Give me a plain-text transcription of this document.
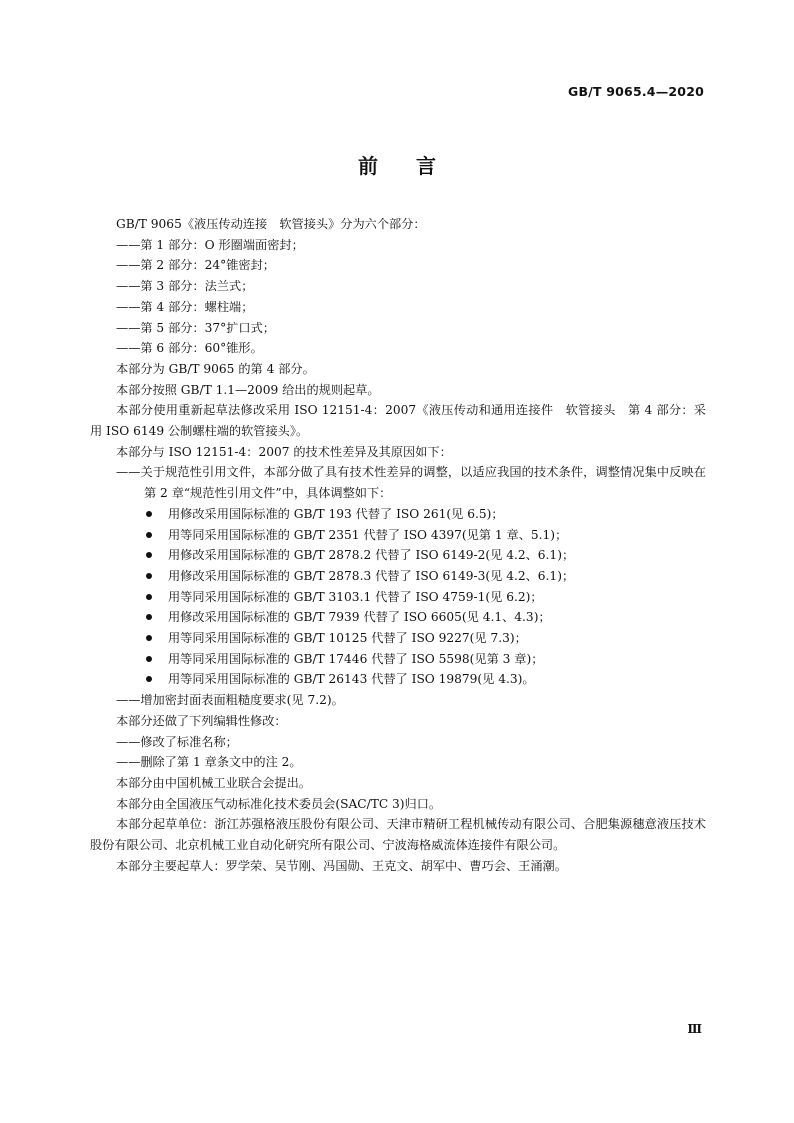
GB/T 9065.4—2020
前 言

GB/T 9065《液压传动连接　软管接头》分为六个部分：

——第 1 部分：O 形圈端面密封；

——第 2 部分：24°锥密封；

——第 3 部分：法兰式；

——第 4 部分：螺柱端；

——第 5 部分：37°扩口式；

——第 6 部分：60°锥形。

本部分为 GB/T 9065 的第 4 部分。

本部分按照 GB/T 1.1—2009 给出的规则起草。

本部分使用重新起草法修改采用 ISO 12151-4：2007《液压传动和通用连接件　软管接头　第 4 部分：采用 ISO 6149 公制螺柱端的软管接头》。

本部分与 ISO 12151-4：2007 的技术性差异及其原因如下：

——关于规范性引用文件，本部分做了具有技术性差异的调整，以适应我国的技术条件，调整情况集中反映在第 2 章“规范性引用文件”中，具体调整如下：

用修改采用国际标准的 GB/T 193 代替了 ISO 261(见 6.5)；

用等同采用国际标准的 GB/T 2351 代替了 ISO 4397(见第 1 章、5.1)；

用修改采用国际标准的 GB/T 2878.2 代替了 ISO 6149-2(见 4.2、6.1)；

用修改采用国际标准的 GB/T 2878.3 代替了 ISO 6149-3(见 4.2、6.1)；

用等同采用国际标准的 GB/T 3103.1 代替了 ISO 4759-1(见 6.2)；

用修改采用国际标准的 GB/T 7939 代替了 ISO 6605(见 4.1、4.3)；

用等同采用国际标准的 GB/T 10125 代替了 ISO 9227(见 7.3)；

用等同采用国际标准的 GB/T 17446 代替了 ISO 5598(见第 3 章)；

用等同采用国际标准的 GB/T 26143 代替了 ISO 19879(见 4.3)。

——增加密封面表面粗糙度要求(见 7.2)。

本部分还做了下列编辑性修改：

——修改了标准名称；

——删除了第 1 章条文中的注 2。

本部分由中国机械工业联合会提出。

本部分由全国液压气动标准化技术委员会(SAC/TC 3)归口。

本部分起草单位：浙江苏强格液压股份有限公司、天津市精研工程机械传动有限公司、合肥集源穗意液压技术股份有限公司、北京机械工业自动化研究所有限公司、宁波海格威流体连接件有限公司。

本部分主要起草人：罗学荣、吴节刚、冯国勋、王克文、胡军中、曹巧会、王涌潮。

Ⅲ
